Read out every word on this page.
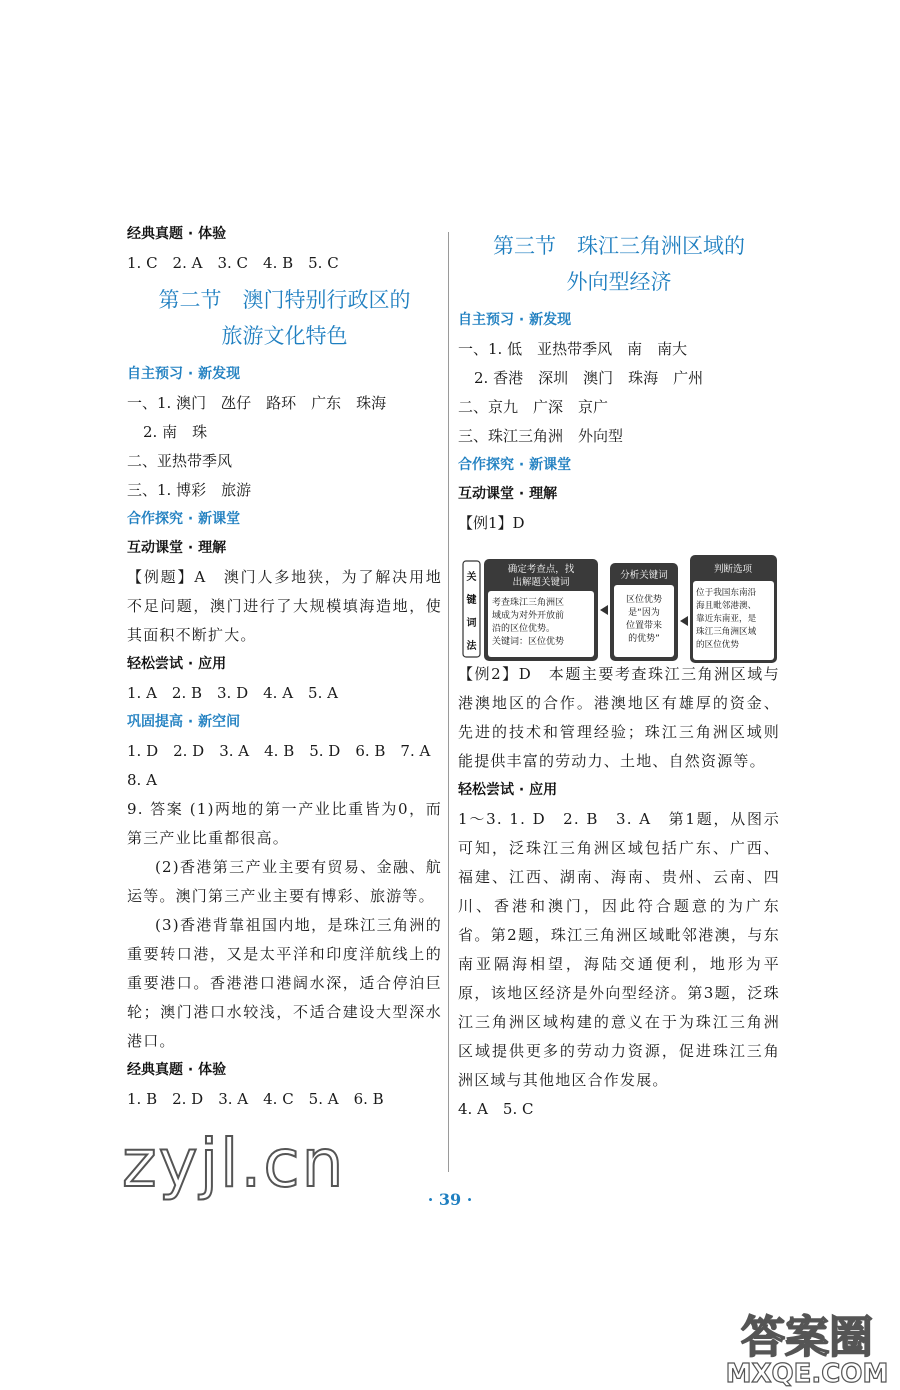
经典真题 · 体验
1. C　2. A　3. C　4. B　5. C
第二节　澳门特别行政区的
旅游文化特色
自主预习 · 新发现
一、1. 澳门　氹仔　路环　广东　珠海
2. 南　珠
二、亚热带季风
三、1. 博彩　旅游
合作探究 · 新课堂
互动课堂 · 理解
【例题】A　澳门人多地狭，为了解决用地不足问题，澳门进行了大规模填海造地，使其面积不断扩大。
轻松尝试 · 应用
1. A　2. B　3. D　4. A　5. A
巩固提高 · 新空间
1. D　2. D　3. A　4. B　5. D　6. B　7. A
8. A
9. 答案 (1)两地的第一产业比重皆为0，而第三产业比重都很高。
(2)香港第三产业主要有贸易、金融、航运等。澳门第三产业主要有博彩、旅游等。
(3)香港背靠祖国内地，是珠江三角洲的重要转口港，又是太平洋和印度洋航线上的重要港口。香港港口港阔水深，适合停泊巨轮；澳门港口水较浅，不适合建设大型深水港口。
经典真题 · 体验
1. B　2. D　3. A　4. C　5. A　6. B
第三节　珠江三角洲区域的
外向型经济
自主预习 · 新发现
一、1. 低　亚热带季风　南　南大
2. 香港　深圳　澳门　珠海　广州
二、京九　广深　京广
三、珠江三角洲　外向型
合作探究 · 新课堂
互动课堂 · 理解
【例1】D
【例2】D　本题主要考查珠江三角洲区域与港澳地区的合作。港澳地区有雄厚的资金、先进的技术和管理经验；珠江三角洲区域则能提供丰富的劳动力、土地、自然资源等。
轻松尝试 · 应用
1～3. 1. D　2. B　3. A　第1题，从图示可知，泛珠江三角洲区域包括广东、广西、福建、江西、湖南、海南、贵州、云南、四川、香港和澳门，因此符合题意的为广东省。第2题，珠江三角洲区域毗邻港澳，与东南亚隔海相望，海陆交通便利，地形为平原，该地区经济是外向型经济。第3题，泛珠江三角洲区域构建的意义在于为珠江三角洲区域提供更多的劳动力资源，促进珠江三角洲区域与其他地区合作发展。
4. A　5. C
关
键
词
法
确定考查点，找
出解题关键词
考查珠江三角洲区
域成为对外开放前
沿的区位优势。
关键词：区位优势
分析关键词
区位优势
是“因为
位置带来
的优势”
判断选项
位于我国东南沿
海且毗邻港澳、
靠近东南亚，是
珠江三角洲区域
的区位优势
· 39 ·
zyjl.cn
答案圈
MXQE.COM
